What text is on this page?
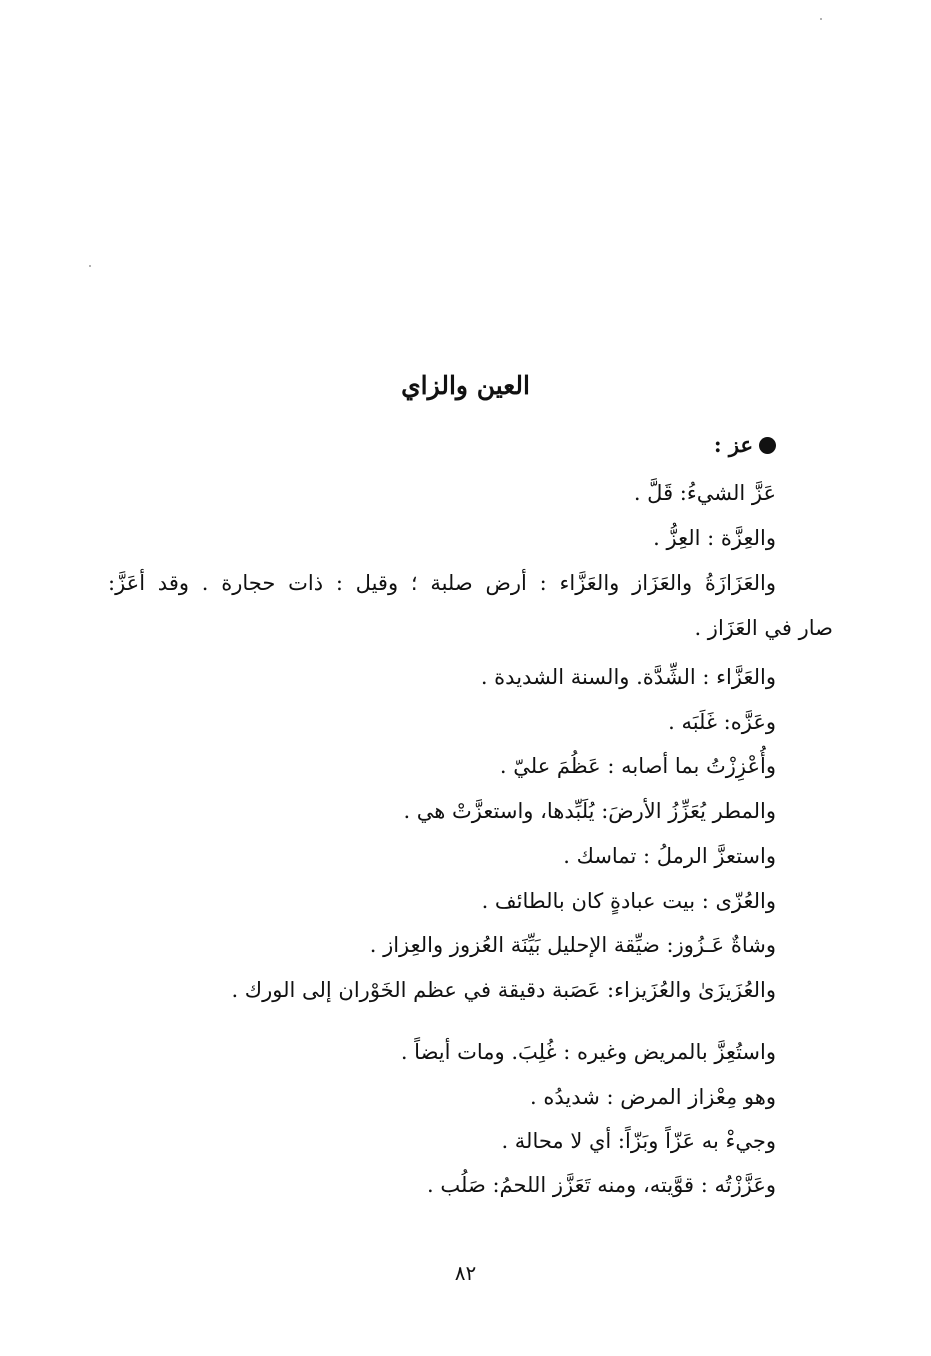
العين والزاي
عز :
عَزَّ الشيءُ: قَلَّ .
والعِزَّة : العِزُّ .
والعَزَازَةُ والعَزَاز والعَزَّاء : أرض صلبة ؛ وقيل : ذات حجارة . وقد أعَزَّ:
صار في العَزَاز .
والعَزَّاء : الشِّدَّة. والسنة الشديدة .
وعَزَّه: غَلَبَه .
وأُعْزِزْتُ بما أصابه : عَظُمَ عليّ .
والمطر يُعَزِّزُ الأرضَ: يُلَبِّدها، واستعزَّتْ هي .
واستعزَّ الرملُ : تماسك .
والعُزّى : بيت عبادةٍ كان بالطائف .
وشاةٌ عَـزُوز: ضيِّقة الإحليل بَيِّنَة العُزوز والعِزاز .
والعُزَيزَىٰ والعُزَيزاء: عَصَبة دقيقة في عظم الخَوْران إلى الورك .
واستُعِزَّ بالمريض وغيره : غُلِبَ. ومات أيضاً .
وهو مِعْزاز المرض : شديدُه .
وجيءْ به عَزّاً وبَزّاً: أي لا محالة .
وعَزَّزْتُه : قوَّيته، ومنه تَعَزَّز اللحمُ: صَلُب .
٨٢
